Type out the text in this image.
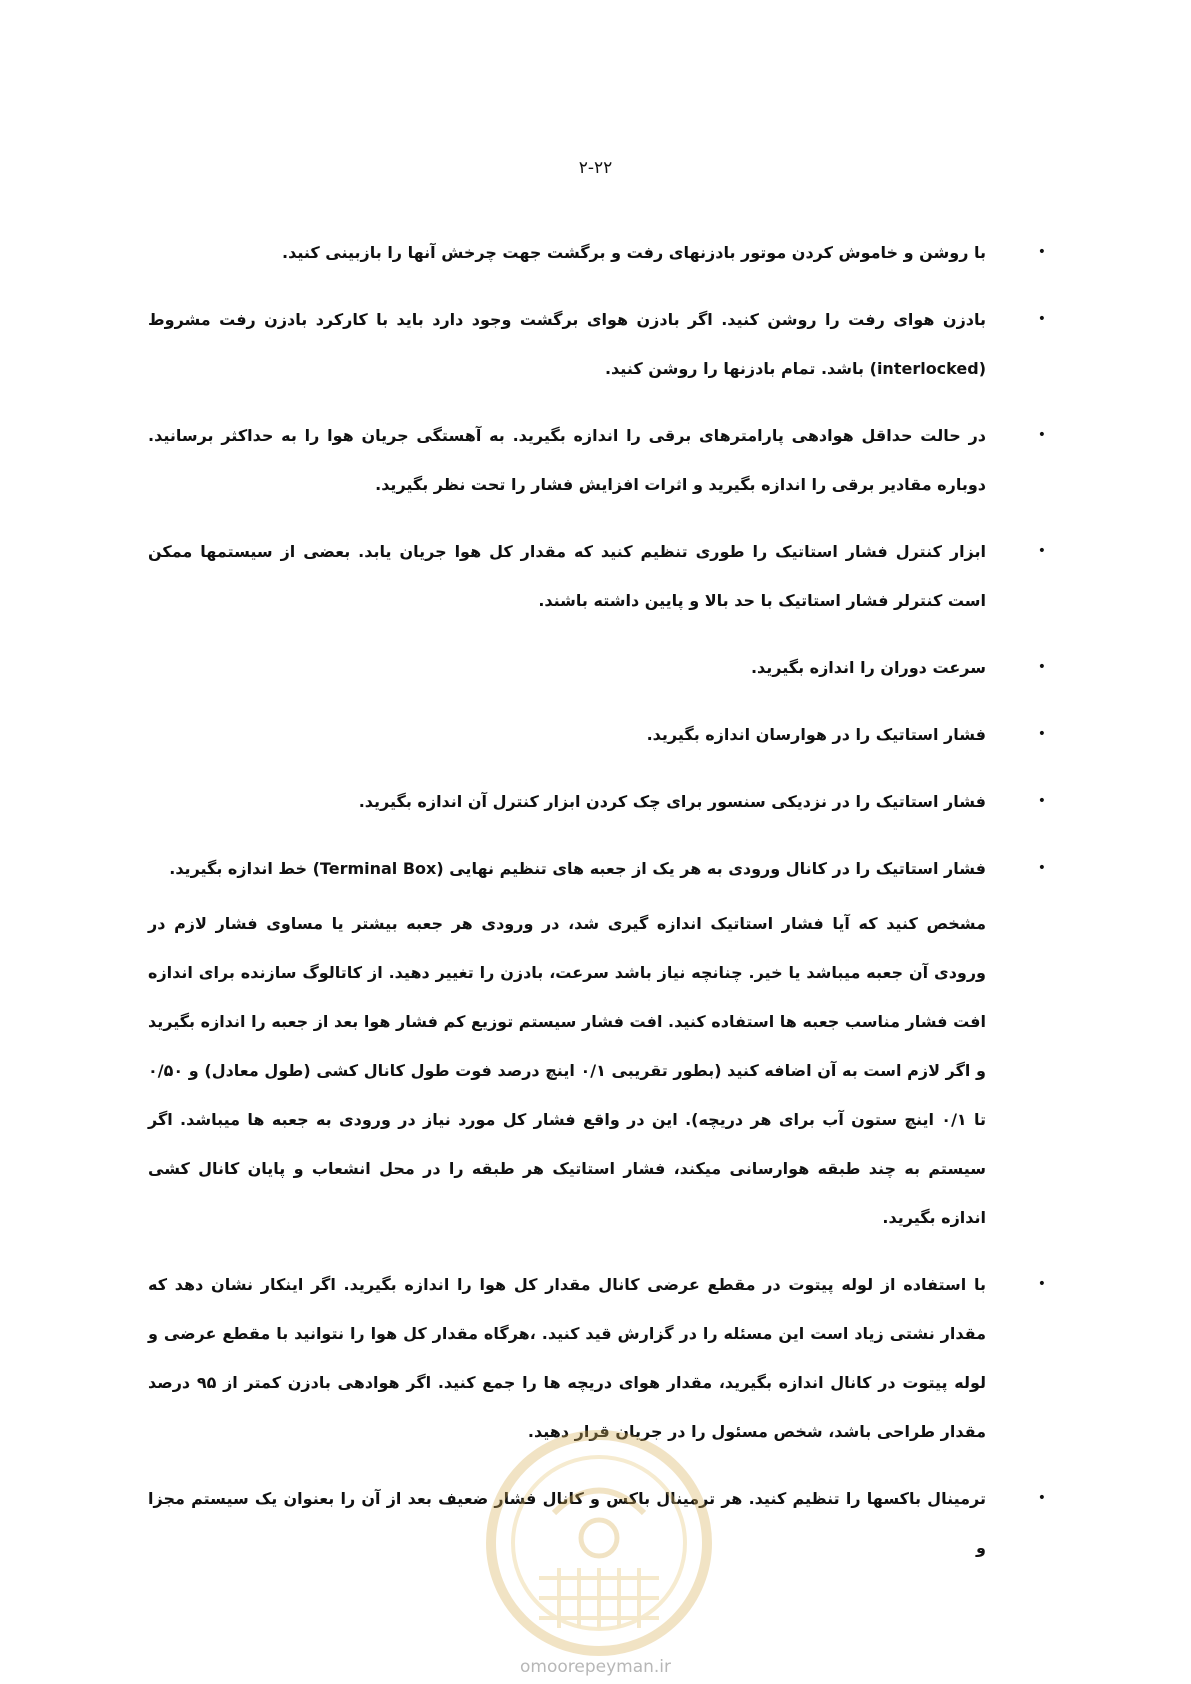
۲-۲۲

• با روشن و خاموش کردن موتور بادزنهای رفت و برگشت جهت چرخش آنها را بازبینی کنید.

• بادزن هوای رفت را روشن کنید. اگر بادزن هوای برگشت وجود دارد باید با کارکرد بادزن رفت مشروط (interlocked) باشد. تمام بادزنها را روشن کنید.

• در حالت حداقل هوادهی پارامترهای برقی را اندازه بگیرید. به آهستگی جریان هوا را به حداکثر برسانید. دوباره مقادیر برقی را اندازه بگیرید و اثرات افزایش فشار را تحت نظر بگیرید.

• ابزار کنترل فشار استاتیک را طوری تنظیم کنید که مقدار کل هوا جریان یابد. بعضی از سیستمها ممکن است کنترلر فشار استاتیک با حد بالا و پایین داشته باشند.

• سرعت دوران را اندازه بگیرید.

• فشار استاتیک را در هوارسان اندازه بگیرید.

• فشار استاتیک را در نزدیکی سنسور برای چک کردن ابزار کنترل آن اندازه بگیرید.

• فشار استاتیک را در کانال ورودی به هر یک از جعبه های تنظیم نهایی (Terminal Box) خط اندازه بگیرید.

مشخص کنید که آیا فشار استاتیک اندازه گیری شد، در ورودی هر جعبه بیشتر یا مساوی فشار لازم در ورودی آن جعبه میباشد یا خیر. چنانچه نیاز باشد سرعت، بادزن را تغییر دهید. از کاتالوگ سازنده برای اندازه افت فشار مناسب جعبه ها استفاده کنید. افت فشار سیستم توزیع کم فشار هوا بعد از جعبه را اندازه بگیرید و اگر لازم است به آن اضافه کنید (بطور تقریبی ۰/۱ اینچ درصد فوت طول کانال کشی (طول معادل) و ۰/۵۰ تا ۰/۱ اینچ ستون آب برای هر دریچه). این در واقع فشار کل مورد نیاز در ورودی به جعبه ها میباشد. اگر سیستم به چند طبقه هوارسانی میکند، فشار استاتیک هر طبقه را در محل انشعاب و پایان کانال کشی اندازه بگیرید.

• با استفاده از لوله پیتوت در مقطع عرضی کانال مقدار کل هوا را اندازه بگیرید. اگر اینکار نشان دهد که مقدار نشتی زیاد است این مسئله را در گزارش قید کنید. ،هرگاه مقدار کل هوا را نتوانید با مقطع عرضی و لوله پیتوت در کانال اندازه بگیرید، مقدار هوای دریچه ها را جمع کنید. اگر هوادهی بادزن کمتر از ۹۵ درصد مقدار طراحی باشد، شخص مسئول را در جریان قرار دهید.

• ترمینال باکسها را تنظیم کنید. هر ترمینال باکس و کانال فشار ضعیف بعد از آن را بعنوان یک سیستم مجزا و

omoorepeyman.ir
